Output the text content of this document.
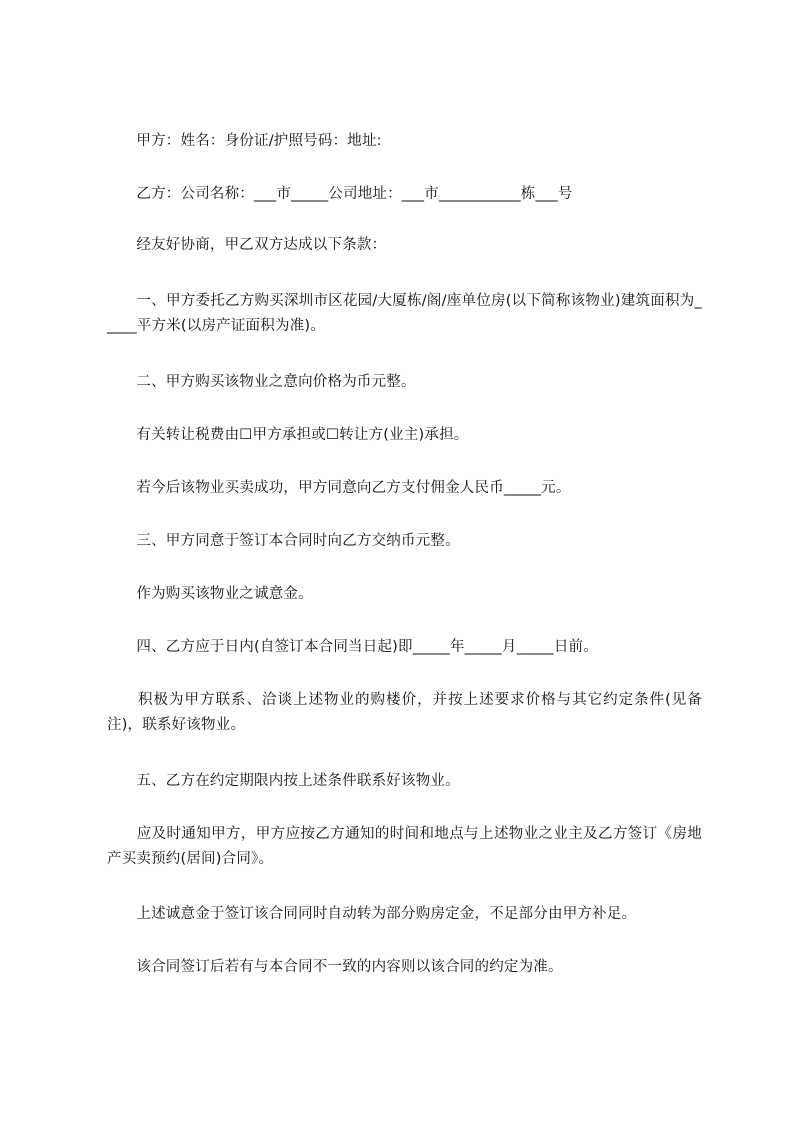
　　甲方：姓名：身份证/护照号码：地址:
　　乙方：公司名称：___市_____公司地址：___市___________栋___号
　　经友好协商，甲乙双方达成以下条款：
　　一、甲方委托乙方购买深圳市区花园/大厦栋/阁/座单位房(以下简称该物业)建筑面积为_____平方米(以房产证面积为准)。
　　二、甲方购买该物业之意向价格为币元整。
　　有关转让税费由☐甲方承担或☐转让方(业主)承担。
　　若今后该物业买卖成功，甲方同意向乙方支付佣金人民币_____元。
　　三、甲方同意于签订本合同时向乙方交纳币元整。
　　作为购买该物业之诚意金。
　　四、乙方应于日内(自签订本合同当日起)即_____年_____月_____日前。
　　积极为甲方联系、洽谈上述物业的购楼价，并按上述要求价格与其它约定条件(见备注)，联系好该物业。
　　五、乙方在约定期限内按上述条件联系好该物业。
　　应及时通知甲方，甲方应按乙方通知的时间和地点与上述物业之业主及乙方签订《房地产买卖预约(居间)合同》。
　　上述诚意金于签订该合同同时自动转为部分购房定金，不足部分由甲方补足。
　　该合同签订后若有与本合同不一致的内容则以该合同的约定为准。
